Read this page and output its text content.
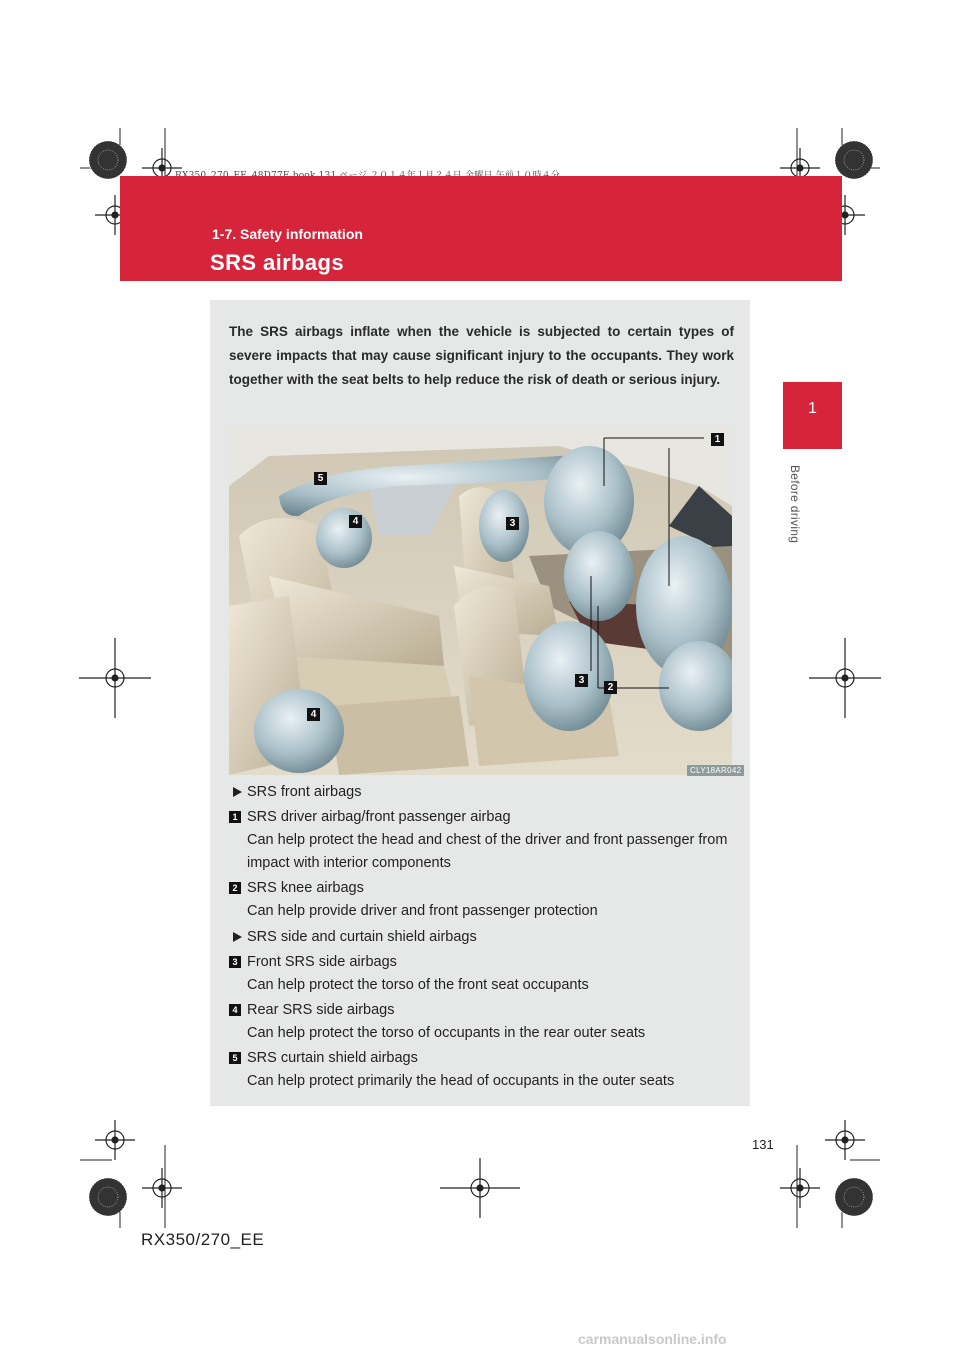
1-7. Safety information
SRS airbags
1
Before driving
The SRS airbags inflate when the vehicle is subjected to certain types of severe impacts that may cause significant injury to the occupants. They work together with the seat belts to help reduce the risk of death or serious injury.
1
5
4	3
3
2
4
CLY18AR042
SRS front airbags
1 SRS driver airbag/front passenger airbag
Can help protect the head and chest of the driver and front passenger from impact with interior components
2 SRS knee airbags
Can help provide driver and front passenger protection
SRS side and curtain shield airbags
3 Front SRS side airbags
Can help protect the torso of the front seat occupants
4 Rear SRS side airbags
Can help protect the torso of occupants in the rear outer seats
5 SRS curtain shield airbags
Can help protect primarily the head of occupants in the outer seats
131
RX350/270_EE
carmanualsonline.info
